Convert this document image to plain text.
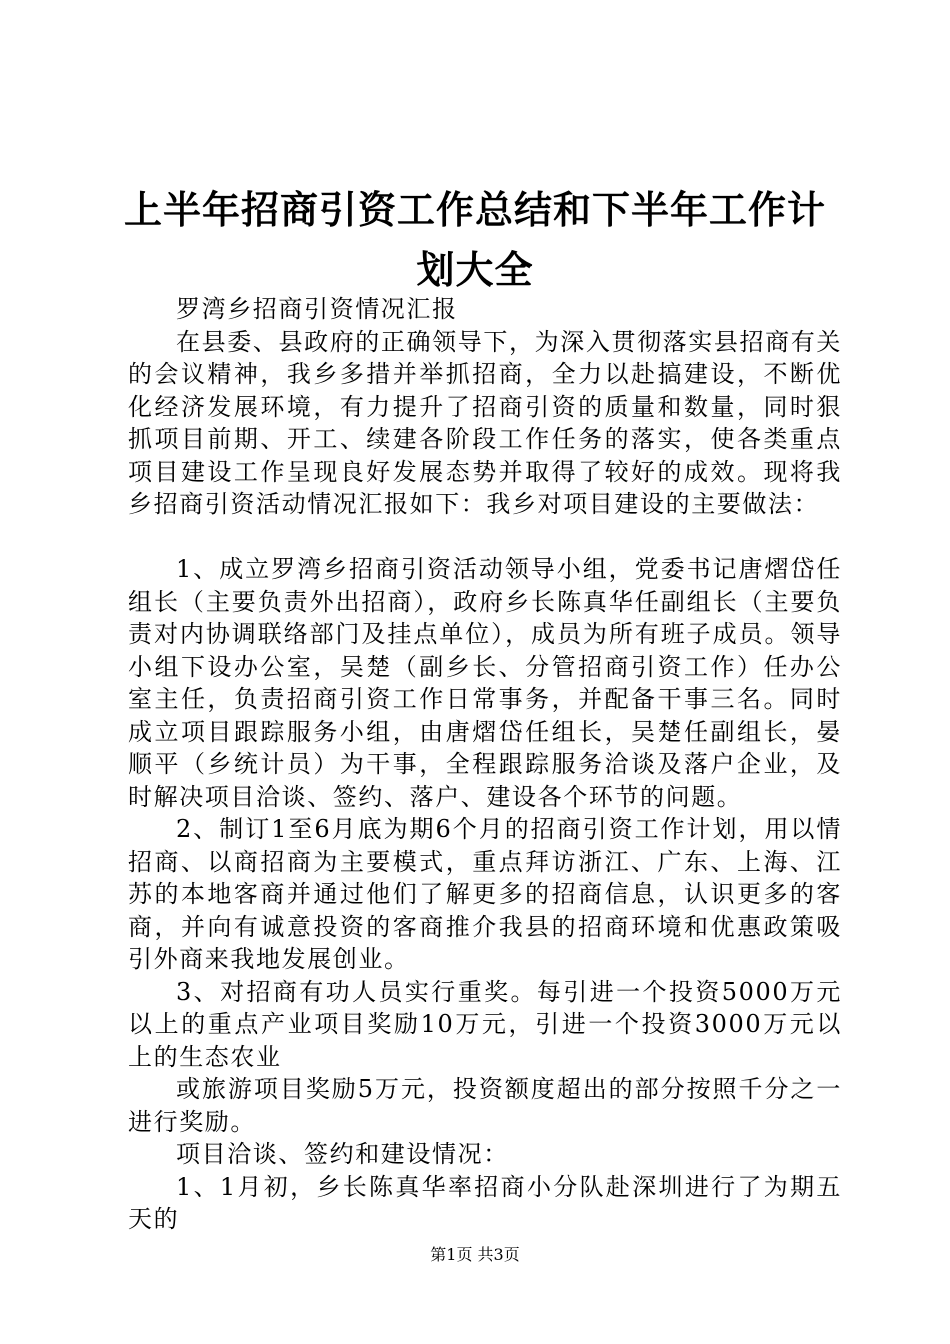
上半年招商引资工作总结和下半年工作计划大全

罗湾乡招商引资情况汇报

在县委、县政府的正确领导下，为深入贯彻落实县招商有关的会议精神，我乡多措并举抓招商，全力以赴搞建设，不断优化经济发展环境，有力提升了招商引资的质量和数量，同时狠抓项目前期、开工、续建各阶段工作任务的落实，使各类重点项目建设工作呈现良好发展态势并取得了较好的成效。现将我乡招商引资活动情况汇报如下：我乡对项目建设的主要做法：

1、成立罗湾乡招商引资活动领导小组，党委书记唐熠岱任组长（主要负责外出招商），政府乡长陈真华任副组长（主要负责对内协调联络部门及挂点单位），成员为所有班子成员。领导小组下设办公室，吴楚（副乡长、分管招商引资工作）任办公室主任，负责招商引资工作日常事务，并配备干事三名。同时成立项目跟踪服务小组，由唐熠岱任组长，吴楚任副组长，晏顺平（乡统计员）为干事，全程跟踪服务洽谈及落户企业，及时解决项目洽谈、签约、落户、建设各个环节的问题。

2、制订1至6月底为期6个月的招商引资工作计划，用以情招商、以商招商为主要模式，重点拜访浙江、广东、上海、江苏的本地客商并通过他们了解更多的招商信息，认识更多的客商，并向有诚意投资的客商推介我县的招商环境和优惠政策吸引外商来我地发展创业。

3、对招商有功人员实行重奖。每引进一个投资5000万元以上的重点产业项目奖励10万元，引进一个投资3000万元以上的生态农业

或旅游项目奖励5万元，投资额度超出的部分按照千分之一进行奖励。

项目洽谈、签约和建设情况：

1、1月初，乡长陈真华率招商小分队赴深圳进行了为期五天的

第1页 共3页
